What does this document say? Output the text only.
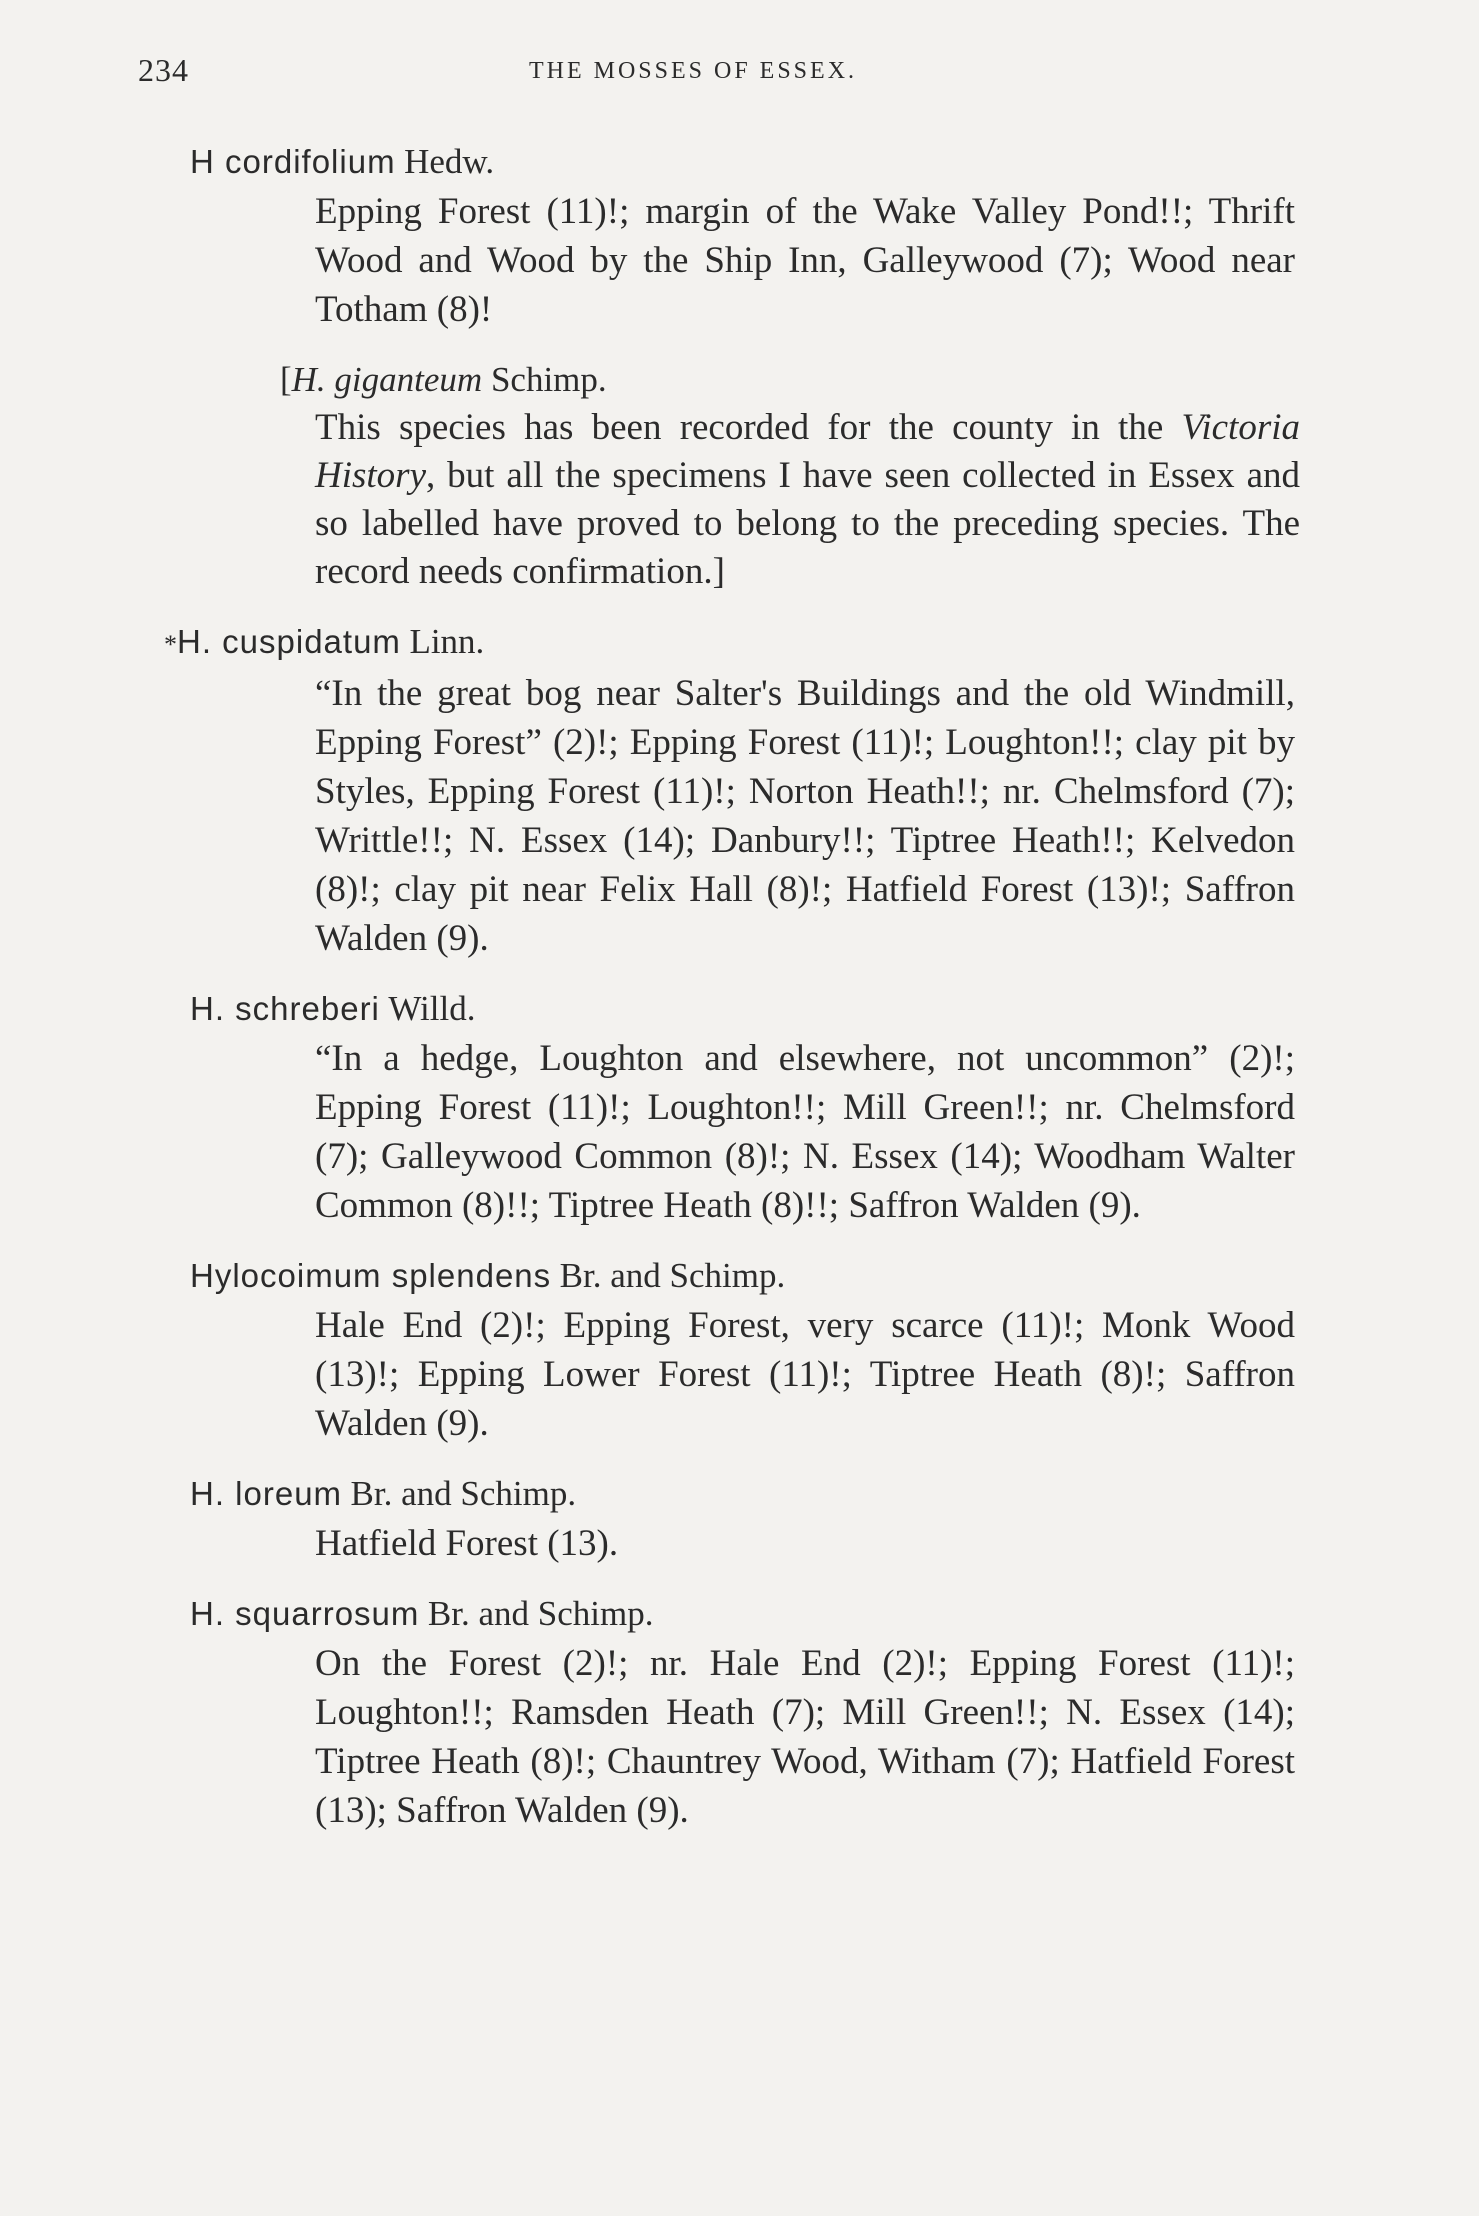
234	THE MOSSES OF ESSEX.
H cordifolium Hedw.
Epping Forest (11)!; margin of the Wake Valley Pond!!; Thrift Wood and Wood by the Ship Inn, Galleywood (7); Wood near Totham (8)!
[H. giganteum Schimp.
This species has been recorded for the county in the Victoria History, but all the specimens I have seen collected in Essex and so labelled have proved to belong to the preceding species. The record needs confirmation.]
*H. cuspidatum Linn.
“In the great bog near Salter's Buildings and the old Windmill, Epping Forest” (2)!; Epping Forest (11)!; Loughton!!; clay pit by Styles, Epping Forest (11)!; Norton Heath!!; nr. Chelmsford (7); Writtle!!; N. Essex (14); Danbury!!; Tiptree Heath!!; Kelvedon (8)!; clay pit near Felix Hall (8)!; Hatfield Forest (13)!; Saffron Walden (9).
H. schreberi Willd.
“In a hedge, Loughton and elsewhere, not uncommon” (2)!; Epping Forest (11)!; Loughton!!; Mill Green!!; nr. Chelmsford (7); Galleywood Common (8)!; N. Essex (14); Woodham Walter Common (8)!!; Tiptree Heath (8)!!; Saffron Walden (9).
Hylocoimum splendens Br. and Schimp.
Hale End (2)!; Epping Forest, very scarce (11)!; Monk Wood (13)!; Epping Lower Forest (11)!; Tiptree Heath (8)!; Saffron Walden (9).
H. loreum Br. and Schimp.
Hatfield Forest (13).
H. squarrosum Br. and Schimp.
On the Forest (2)!; nr. Hale End (2)!; Epping Forest (11)!; Loughton!!; Ramsden Heath (7); Mill Green!!; N. Essex (14); Tiptree Heath (8)!; Chauntrey Wood, Witham (7); Hatfield Forest (13); Saffron Walden (9).
